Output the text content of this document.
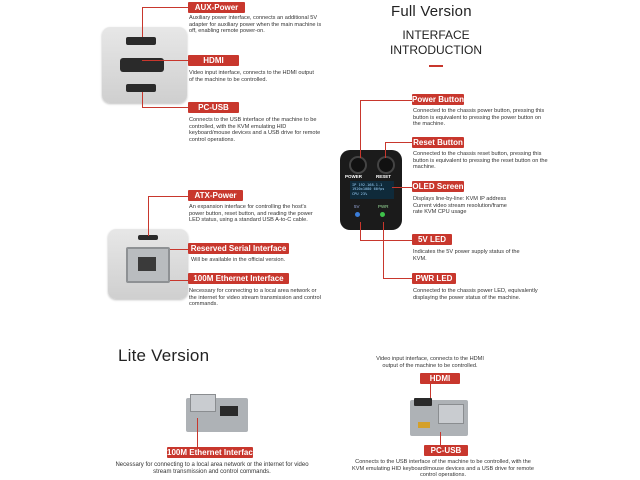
Full Version
INTERFACE
INTRODUCTION
AUX-Power
Auxiliary power interface, connects an additional 5V adapter for auxiliary power when the main machine is off, enabling remote power-on.
HDMI
Video input interface, connects to the HDMI output of the machine to be controlled.
PC-USB
Connects to the USB interface of the machine to be controlled, with the KVM emulating HID keyboard/mouse devices and a USB drive for remote control operations.
ATX-Power
An expansion interface for controlling the host's power button, reset button, and reading the power LED status, using a standard USB A-to-C cable.
Reserved Serial Interface
Will be available in the official version.
100M Ethernet Interface
Necessary for connecting to a local area network or the internet for video stream transmission and control commands.
POWER	RESET
IP 192.168.1.1
1920x1080 60fps
CPU 23%
5V	PWR
Power Button
Connected to the chassis power button, pressing this button is equivalent to pressing the power button on the machine.
Reset Button
Connected to the chassis reset button, pressing this button is equivalent to pressing the reset button on the machine.
OLED Screen
Displays line-by-line: KVM IP address Current video stream resolution/frame rate KVM CPU usage
5V LED
Indicates the 5V power supply status of the KVM.
PWR LED
Connected to the chassis power LED, equivalently displaying the power status of the machine.
Lite Version
100M Ethernet Interface
Necessary for connecting to a local area network or the internet for video stream transmission and control commands.
Video input interface, connects to the HDMI output of the machine to be controlled.
HDMI
PC-USB
Connects to the USB interface of the machine to be controlled, with the KVM emulating HID keyboard/mouse devices and a USB drive for remote control operations.
